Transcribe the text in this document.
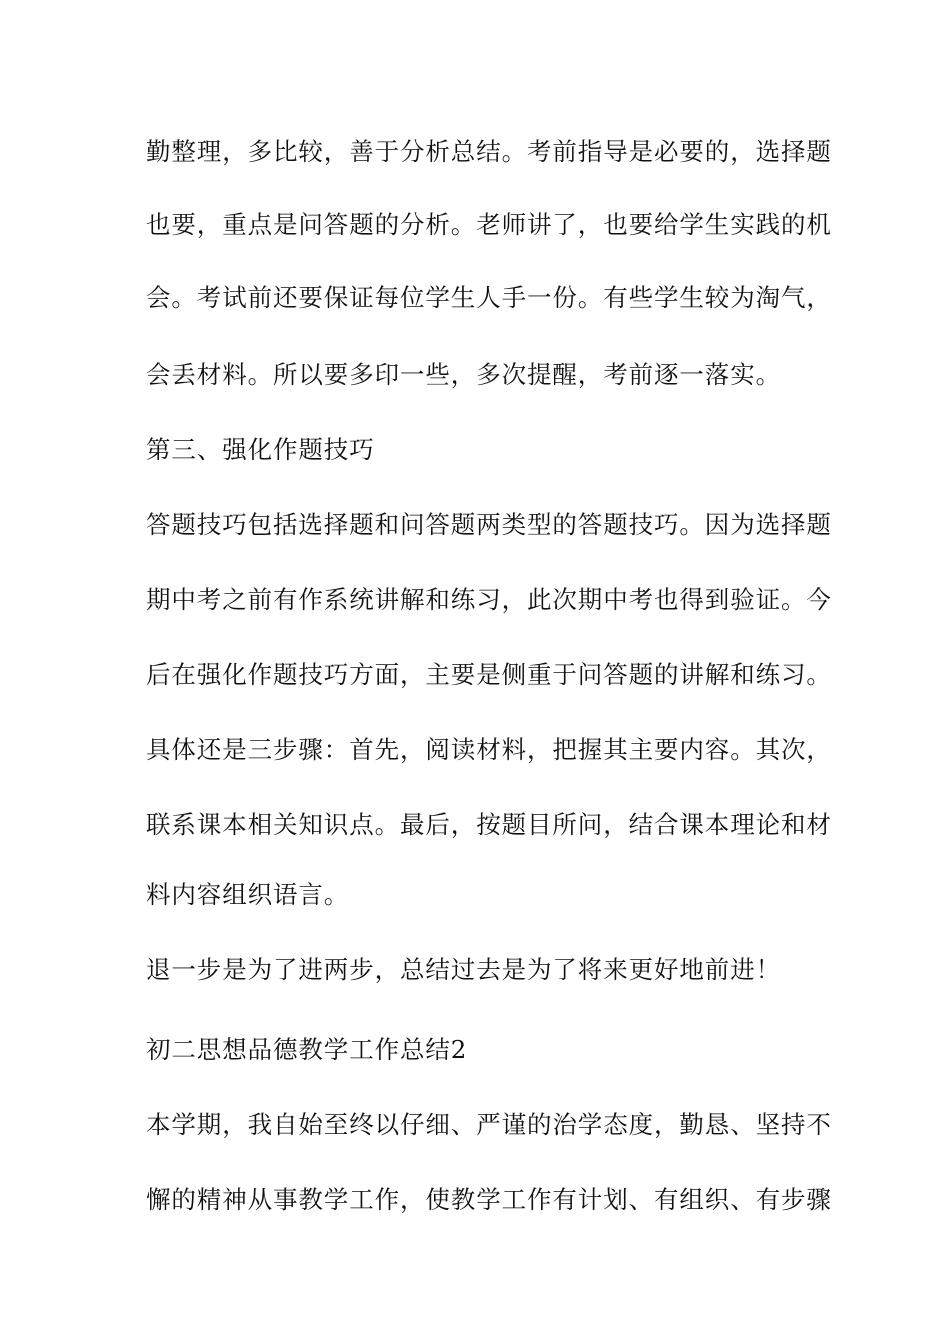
勤整理，多比较，善于分析总结。考前指导是必要的，选择题
也要，重点是问答题的分析。老师讲了，也要给学生实践的机
会。考试前还要保证每位学生人手一份。有些学生较为淘气，
会丢材料。所以要多印一些，多次提醒，考前逐一落实。
第三、强化作题技巧
答题技巧包括选择题和问答题两类型的答题技巧。因为选择题
期中考之前有作系统讲解和练习，此次期中考也得到验证。今
后在强化作题技巧方面，主要是侧重于问答题的讲解和练习。
具体还是三步骤：首先，阅读材料，把握其主要内容。其次，
联系课本相关知识点。最后，按题目所问，结合课本理论和材
料内容组织语言。
退一步是为了进两步，总结过去是为了将来更好地前进！
初二思想品德教学工作总结2
本学期，我自始至终以仔细、严谨的治学态度，勤恳、坚持不
懈的精神从事教学工作，使教学工作有计划、有组织、有步骤
